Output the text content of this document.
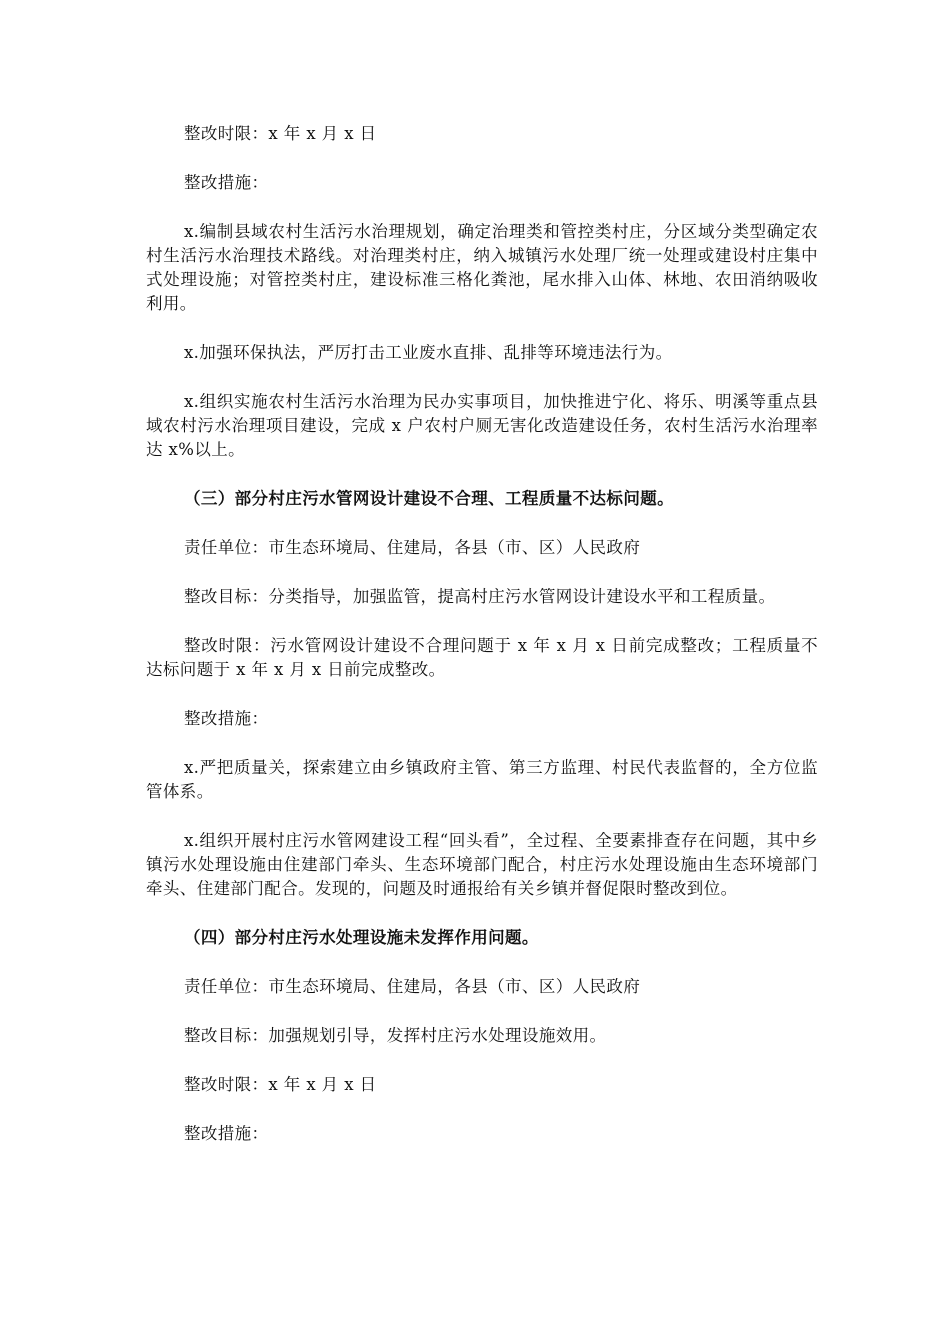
整改时限：x 年 x 月 x 日

整改措施：

x.编制县域农村生活污水治理规划，确定治理类和管控类村庄，分区域分类型确定农村生活污水治理技术路线。对治理类村庄，纳入城镇污水处理厂统一处理或建设村庄集中式处理设施；对管控类村庄，建设标准三格化粪池，尾水排入山体、林地、农田消纳吸收利用。

x.加强环保执法，严厉打击工业废水直排、乱排等环境违法行为。

x.组织实施农村生活污水治理为民办实事项目，加快推进宁化、将乐、明溪等重点县域农村污水治理项目建设，完成 x 户农村户厕无害化改造建设任务，农村生活污水治理率达 x%以上。

（三）部分村庄污水管网设计建设不合理、工程质量不达标问题。

责任单位：市生态环境局、住建局，各县（市、区）人民政府

整改目标：分类指导，加强监管，提高村庄污水管网设计建设水平和工程质量。

整改时限：污水管网设计建设不合理问题于 x 年 x 月 x 日前完成整改；工程质量不达标问题于 x 年 x 月 x 日前完成整改。

整改措施：

x.严把质量关，探索建立由乡镇政府主管、第三方监理、村民代表监督的，全方位监管体系。

x.组织开展村庄污水管网建设工程“回头看”，全过程、全要素排查存在问题，其中乡镇污水处理设施由住建部门牵头、生态环境部门配合，村庄污水处理设施由生态环境部门牵头、住建部门配合。发现的，问题及时通报给有关乡镇并督促限时整改到位。

（四）部分村庄污水处理设施未发挥作用问题。

责任单位：市生态环境局、住建局，各县（市、区）人民政府

整改目标：加强规划引导，发挥村庄污水处理设施效用。

整改时限：x 年 x 月 x 日

整改措施：
